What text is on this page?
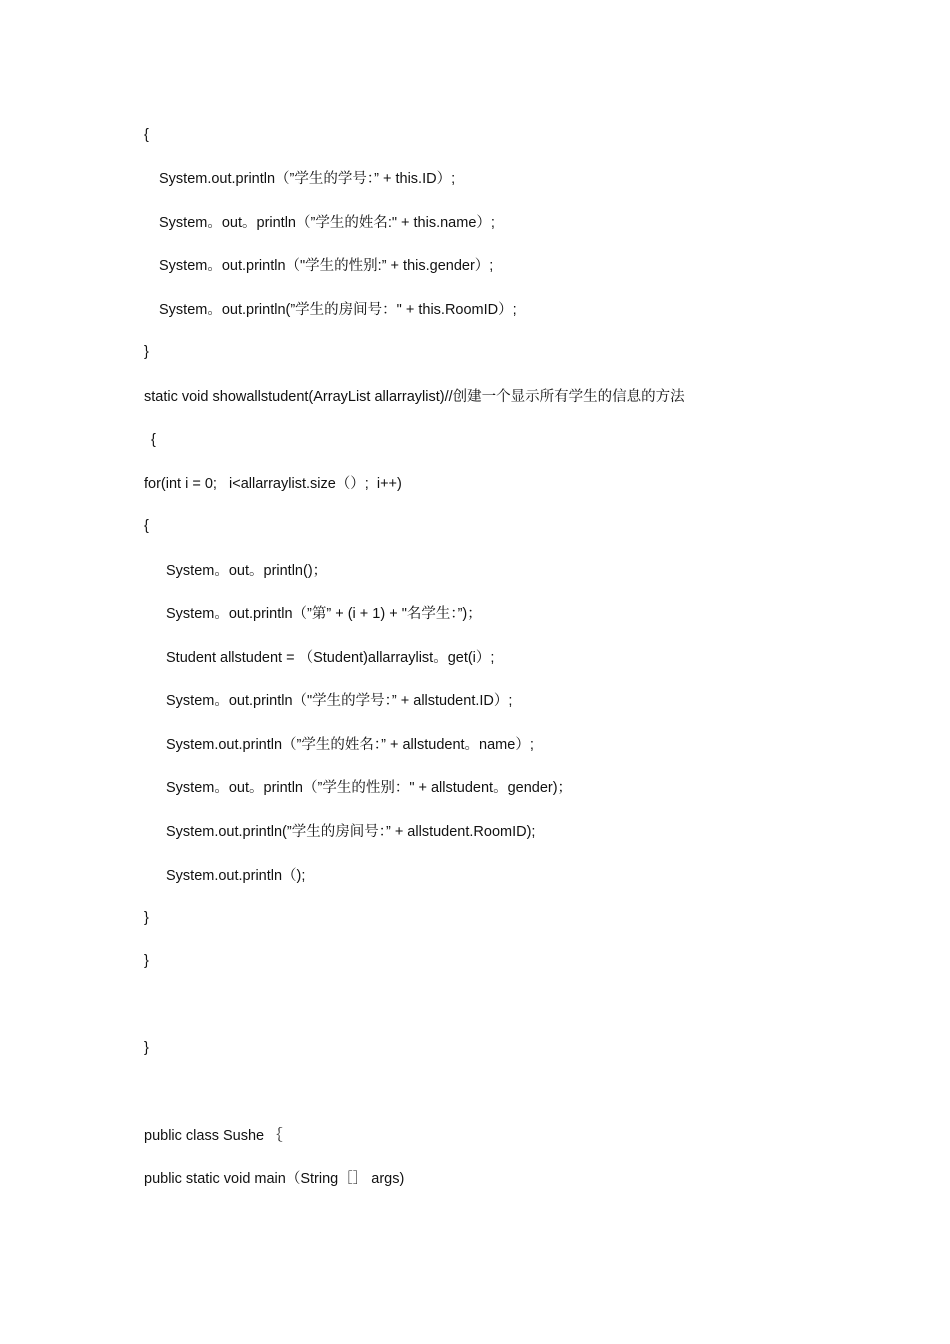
{
System.out.println（”学生的学号：” + this.ID）;
System。out。println（”学生的姓名:" + this.name）;
System。out.println（"学生的性别:” + this.gender）;
System。out.println(”学生的房间号：" + this.RoomID）;
}
static void showallstudent(ArrayList allarraylist)//创建一个显示所有学生的信息的方法
{
for(int i = 0;   i<allarraylist.size（）;  i++)
{
System。out。println()；
System。out.println（”第” + (i + 1) + "名学生：”)；
Student allstudent = （Student)allarraylist。get(i）;
System。out.println（"学生的学号：” + allstudent.ID）;
System.out.println（”学生的姓名：” + allstudent。name）;
System。out。println（”学生的性别：" + allstudent。gender)；
System.out.println(”学生的房间号：” + allstudent.RoomID);
System.out.println（);
}
}
}
public class Sushe ｛
public static void main（String［］ args)
